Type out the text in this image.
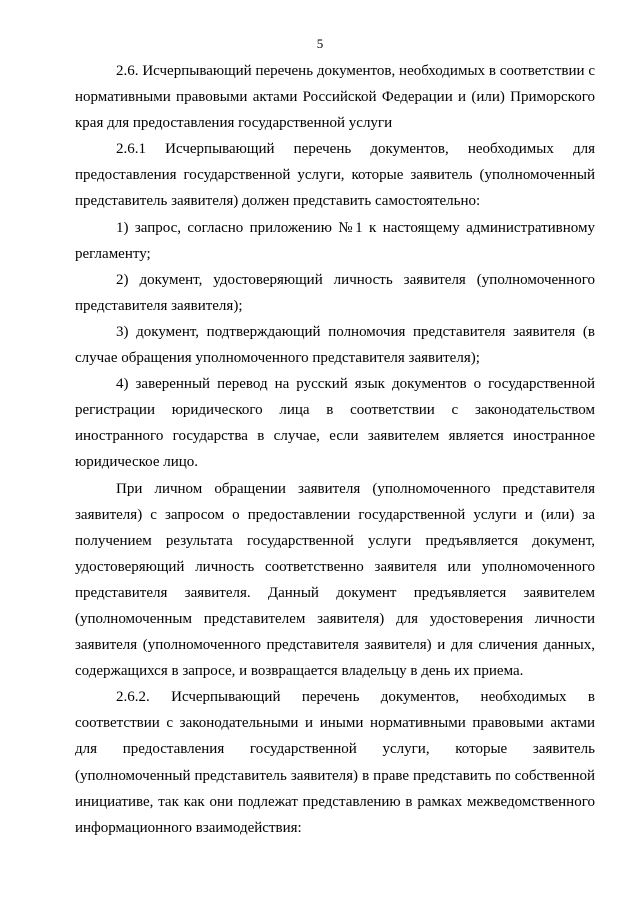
5

2.6. Исчерпывающий перечень документов, необходимых в соответствии с нормативными правовыми актами Российской Федерации и (или) Приморского края для предоставления государственной услуги

2.6.1 Исчерпывающий перечень документов, необходимых для предоставления государственной услуги, которые заявитель (уполномоченный представитель заявителя) должен представить самостоятельно:

1) запрос, согласно приложению №1 к настоящему административному регламенту;

2) документ, удостоверяющий личность заявителя (уполномоченного представителя заявителя);

3) документ, подтверждающий полномочия представителя заявителя (в случае обращения уполномоченного представителя заявителя);

4) заверенный перевод на русский язык документов о государственной регистрации юридического лица в соответствии с законодательством иностранного государства в случае, если заявителем является иностранное юридическое лицо.

При личном обращении заявителя (уполномоченного представителя заявителя) с запросом о предоставлении государственной услуги и (или) за получением результата государственной услуги предъявляется документ, удостоверяющий личность соответственно заявителя или уполномоченного представителя заявителя. Данный документ предъявляется заявителем (уполномоченным представителем заявителя) для удостоверения личности заявителя (уполномоченного представителя заявителя) и для сличения данных, содержащихся в запросе, и возвращается владельцу в день их приема.

2.6.2. Исчерпывающий перечень документов, необходимых в соответствии с законодательными и иными нормативными правовыми актами для предоставления государственной услуги, которые заявитель (уполномоченный представитель заявителя) в праве представить по собственной инициативе, так как они подлежат представлению в рамках межведомственного информационного взаимодействия:
